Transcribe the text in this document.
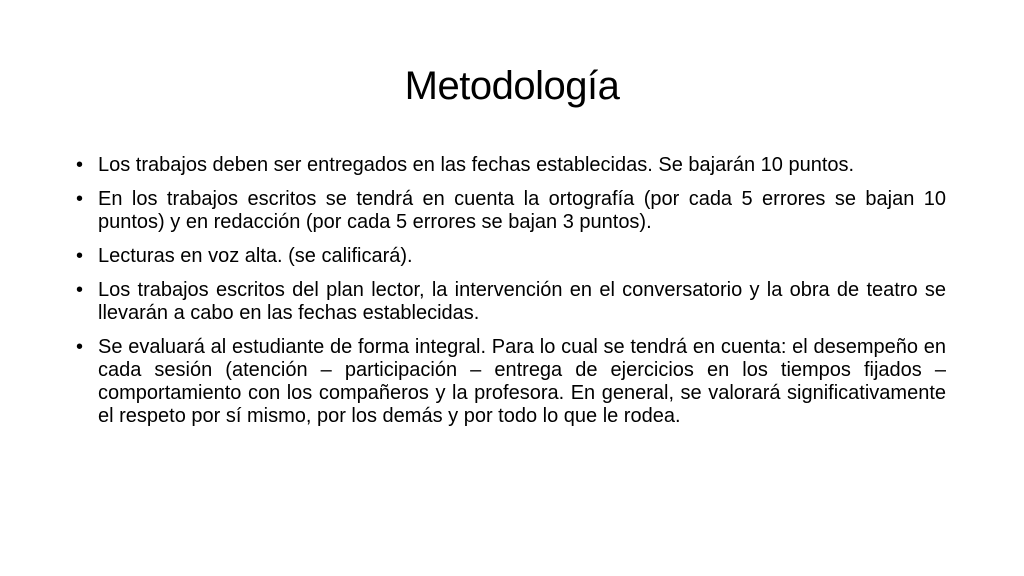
Metodología
• Los trabajos deben ser entregados en las fechas establecidas. Se bajarán 10 puntos.
• En los trabajos escritos se tendrá en cuenta la ortografía (por cada 5 errores se bajan 10 puntos) y en redacción (por cada 5 errores se bajan 3 puntos).
• Lecturas en voz alta. (se calificará).
• Los trabajos escritos del plan lector, la intervención en el conversatorio y la obra de teatro se llevarán a cabo en las fechas establecidas.
• Se evaluará al estudiante de forma integral. Para lo cual se tendrá en cuenta: el desempeño en cada sesión (atención – participación – entrega de ejercicios en los tiempos fijados –comportamiento con los compañeros y la profesora. En general, se valorará significativamente el respeto por sí mismo, por los demás y por todo lo que le rodea.
